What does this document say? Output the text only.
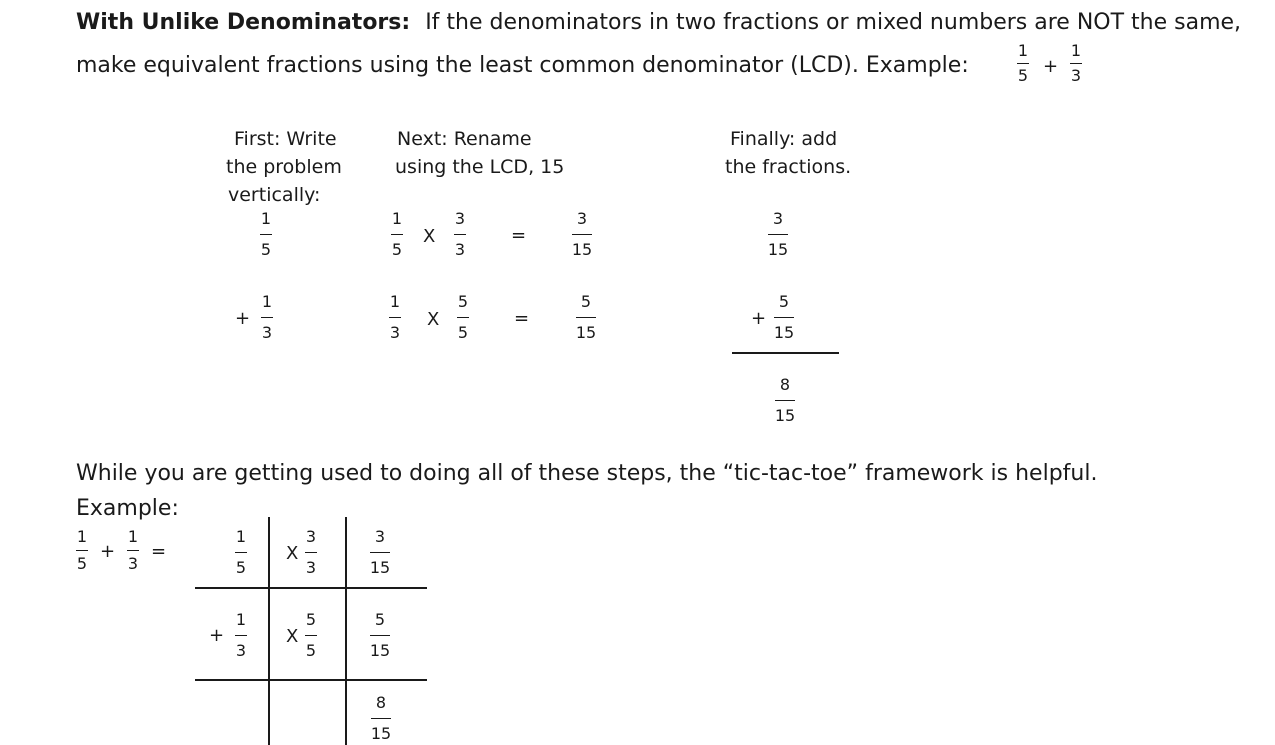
With Unlike Denominators: If the denominators in two fractions or mixed numbers are NOT the same,
make equivalent fractions using the least common denominator (LCD). Example:
1
5 +
1
3
First: Write
the problem
vertically:
Next: Rename
using the LCD, 15
Finally: add
the fractions.
1
5
+
1
3
1
5
X
3
3
=
3
15
1
3
X
5
5
=
5
15
3
15
+
5
15
8
15
While you are getting used to doing all of these steps, the “tic-tac-toe” framework is helpful.
Example:
1
5
+
1
3
=
1
5
X
3
3
3
15
+
1
3
X
5
5
5
15
8
15
